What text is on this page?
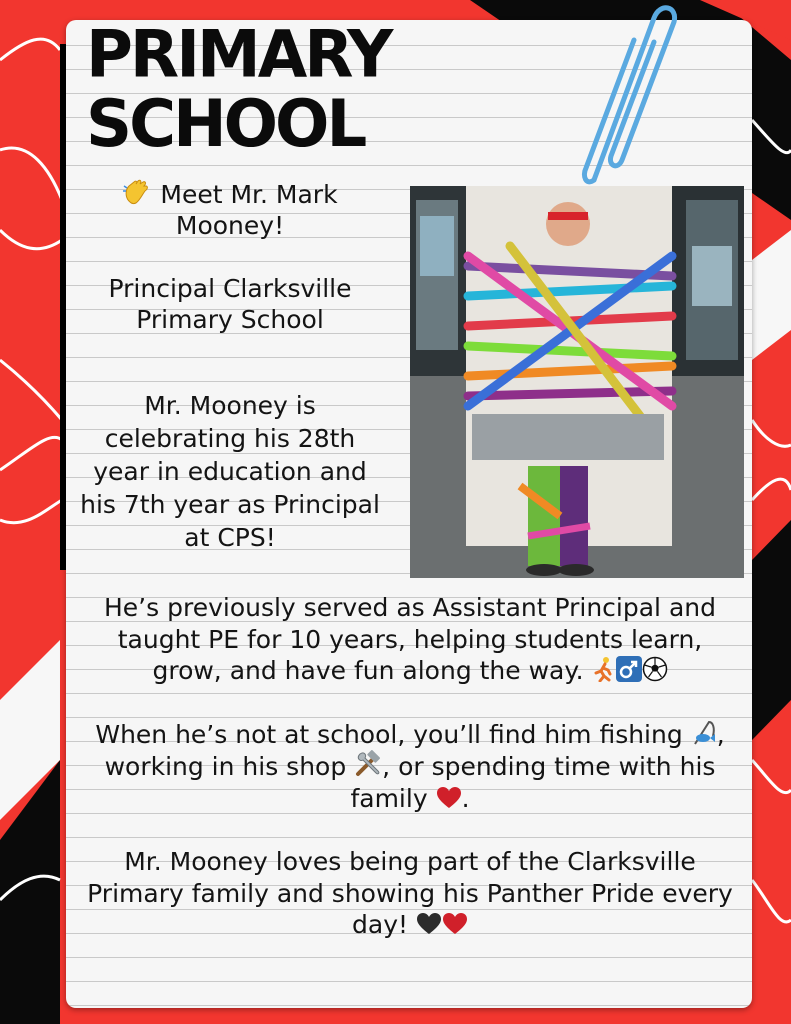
PRIMARY
SCHOOL

Meet Mr. Mark Mooney!

Principal Clarksville Primary School

Mr. Mooney is celebrating his 28th year in education and his 7th year as Principal at CPS!

He’s previously served as Assistant Principal and taught PE for 10 years, helping students learn, grow, and have fun along the way.

When he’s not at school, you’ll find him fishing , working in his shop , or spending time with his family .

Mr. Mooney loves being part of the Clarksville Primary family and showing his Panther Pride every day!
